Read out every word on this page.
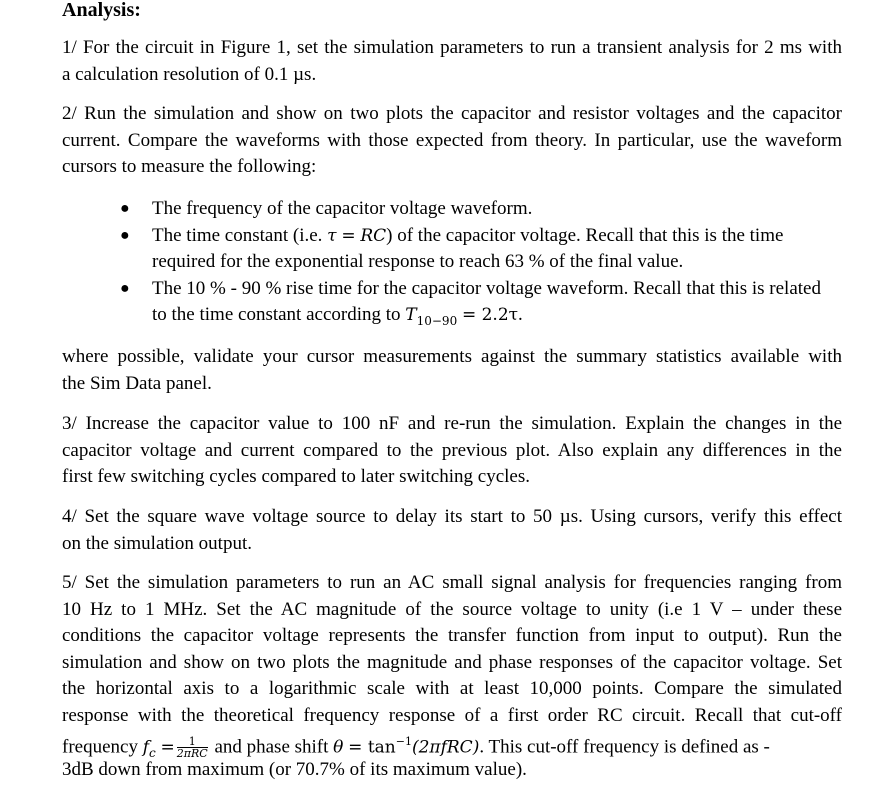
Analysis:
1/ For the circuit in Figure 1, set the simulation parameters to run a transient analysis for 2 ms with
a calculation resolution of 0.1 µs.
2/ Run the simulation and show on two plots the capacitor and resistor voltages and the capacitor
current. Compare the waveforms with those expected from theory. In particular, use the waveform
cursors to measure the following:
● The frequency of the capacitor voltage waveform.
● The time constant (i.e. τ = RC) of the capacitor voltage. Recall that this is the time
required for the exponential response to reach 63 % of the final value.
● The 10 % - 90 % rise time for the capacitor voltage waveform. Recall that this is related
to the time constant according to $T_{10-90} = 2.2\tau$.
where possible, validate your cursor measurements against the summary statistics available with
the Sim Data panel.
3/ Increase the capacitor value to 100 nF and re-run the simulation. Explain the changes in the
capacitor voltage and current compared to the previous plot. Also explain any differences in the
first few switching cycles compared to later switching cycles.
4/ Set the square wave voltage source to delay its start to 50 µs. Using cursors, verify this effect
on the simulation output.
5/ Set the simulation parameters to run an AC small signal analysis for frequencies ranging from
10 Hz to 1 MHz. Set the AC magnitude of the source voltage to unity (i.e 1 V – under these
conditions the capacitor voltage represents the transfer function from input to output). Run the
simulation and show on two plots the magnitude and phase responses of the capacitor voltage. Set
the horizontal axis to a logarithmic scale with at least 10,000 points. Compare the simulated
response with the theoretical frequency response of a first order RC circuit. Recall that cut-off
frequency $f_c = \frac{1}{\text{2πRC}}$ and phase shift $\theta = \tan^{-1}(2\pi fRC)$. This cut-off frequency is defined as -
3dB down from maximum (or 70.7% of its maximum value).
